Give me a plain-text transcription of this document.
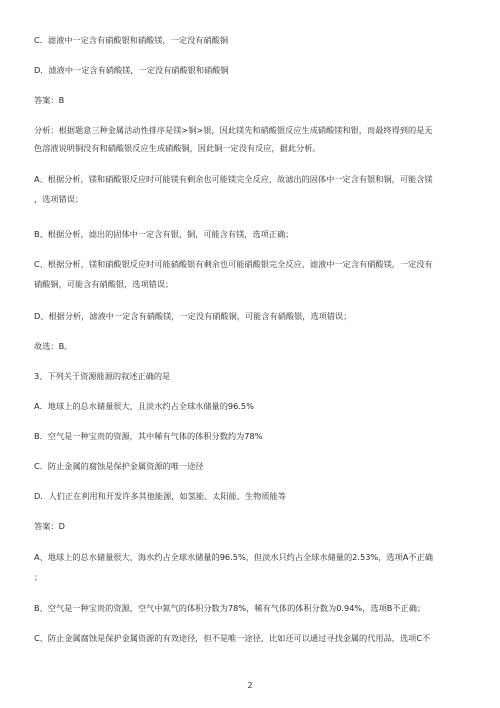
C．滤液中一定含有硝酸银和硝酸镁，一定没有硝酸铜
D．滤液中一定含有硝酸镁，一定没有硝酸银和硝酸铜
答案：B
分析：根据题意三种金属活动性排序是镁>铜>银，因此镁先和硝酸银反应生成硝酸镁和银，而最终得到的是无
色溶液说明铜没有和硝酸银反应生成硝酸铜，因此铜一定没有反应，据此分析。
A、根据分析，镁和硝酸银反应时可能镁有剩余也可能镁完全反应，故滤出的固体中一定含有银和铜，可能含镁
，选项错误；
B、根据分析，滤出的固体中一定含有银、铜，可能含有镁，选项正确；
C、根据分析，镁和硝酸银反应时可能硝酸银有剩余也可能硝酸银完全反应，滤液中一定含有硝酸镁，一定没有
硝酸铜，可能含有硝酸银，选项错误；
D、根据分析，滤液中一定含有硝酸镁，一定没有硝酸铜，可能含有硝酸银，选项错误；
故选：B。
3、下列关于资源能源的叙述正确的是
A．地球上的总水储量很大，且淡水约占全球水储量的96.5%
B．空气是一种宝贵的资源，其中稀有气体的体积分数约为78%
C．防止金属的腐蚀是保护金属资源的唯一途径
D．人们正在利用和开发许多其他能源，如氢能、太阳能、生物质能等
答案：D
A、地球上的总水储量很大，海水约占全球水储量的96.5%，但淡水只约占全球水储量的2.53%，选项A不正确
；
B、空气是一种宝贵的资源，空气中氮气的体积分数为78%，稀有气体的体积分数为0.94%，选项B不正确；
C、防止金属腐蚀是保护金属资源的有效途径，但不是唯一途径，比如还可以通过寻找金属的代用品，选项C不
2
